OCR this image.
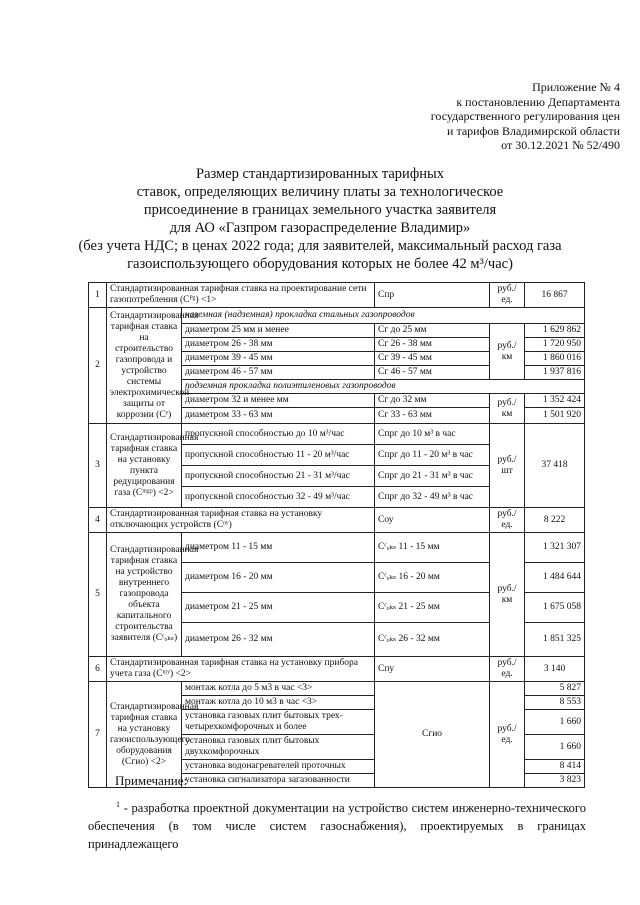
Приложение № 4
к постановлению Департамента
государственного регулирования цен
и тарифов Владимирской области
от 30.12.2021 № 52/490
Размер стандартизированных тарифных
ставок, определяющих величину платы за технологическое
присоединение в границах земельного участка заявителя
для АО «Газпром газораспределение Владимир»
(без учета НДС; в ценах 2022 года; для заявителей, максимальный расход газа
газоиспользующего оборудования которых не более 42 м³/час)
1	Стандартизированная тарифная ставка на проектирование сети газопотребления (Сᴾᵍ) <1>		Спр	руб./ ед.	16 867
2	Стандартизированная тарифная ставка на строительство газопровода и устройство системы электрохимической защиты от коррозии (Сᵉ)	наземная (надземная) прокладка стальных газопроводов			
		диаметром 25 мм и менее	Сг до 25 мм	руб./ км	1 629 862
		диаметром 26 - 38 мм	Сг 26 - 38 мм		1 720 950
		диаметром 39 - 45 мм	Сг 39 - 45 мм		1 860 016
		диаметром 46 - 57 мм	Сг 46 - 57 мм		1 937 816
		подземная прокладка полиэтиленовых газопроводов			
		диаметром 32 и менее мм	Сг до 32 мм	руб./ км	1 352 424
		диаметром 33 - 63 мм	Сг 33 - 63 мм		1 501 920
3	Стандартизированная тарифная ставка на установку пункта редуцирования газа (Сᵐᵍᵖ) <2>	пропускной способностью до 10 м³/час	Спрг до 10 м³ в час	руб./ шт	37 418
		пропускной способностью 11 - 20 м³/час	Спрг до 11 - 20 м³ в час		
		пропускной способностью 21 - 31 м³/час	Спрг до 21 - 31 м³ в час		
		пропускной способностью 32 - 49 м³/час	Спрг до 32 - 49 м³ в час		
4	Стандартизированная тарифная ставка на установку отключающих устройств (Сᵒʸ)		Соу	руб./ ед.	8 222
5	Стандартизированная тарифная ставка на устройство внутреннего газопровода объекта капитального строительства заявителя (Сᶜₒₖₛ)	диаметром 11 - 15 мм	Сᶜₒₖₛ 11 - 15 мм	руб./ км	1 321 307
		диаметром 16 - 20 мм	Сᶜₒₖₛ 16 - 20 мм		1 484 644
		диаметром 21 - 25 мм	Сᶜₒₖₛ 21 - 25 мм		1 675 058
		диаметром 26 - 32 мм	Сᶜₒₖₛ 26 - 32 мм		1 851 325
6	Стандартизированная тарифная ставка на установку прибора учета газа (Сᵐʸ) <2>		Спу	руб./ ед.	3 140
7	Стандартизированная тарифная ставка на установку газоиспользующего оборудования (Сгио) <2>	монтаж котла до 5 м3 в час <3>	Сгио	руб./ ед.	5 827
		монтаж котла до 10 м3 в час <3>			8 553
		установка газовых плит бытовых трех-четырехкомфорочных и более			1 660
		установка газовых плит бытовых двухкомфорочных			1 660
		установка водонагревателей проточных			8 414
		установка сигнализатора загазованности			3 823
Примечание:
$^1$ - разработка проектной документации на устройство систем инженерно-технического обеспечения (в том числе систем газоснабжения), проектируемых в границах принадлежащего
